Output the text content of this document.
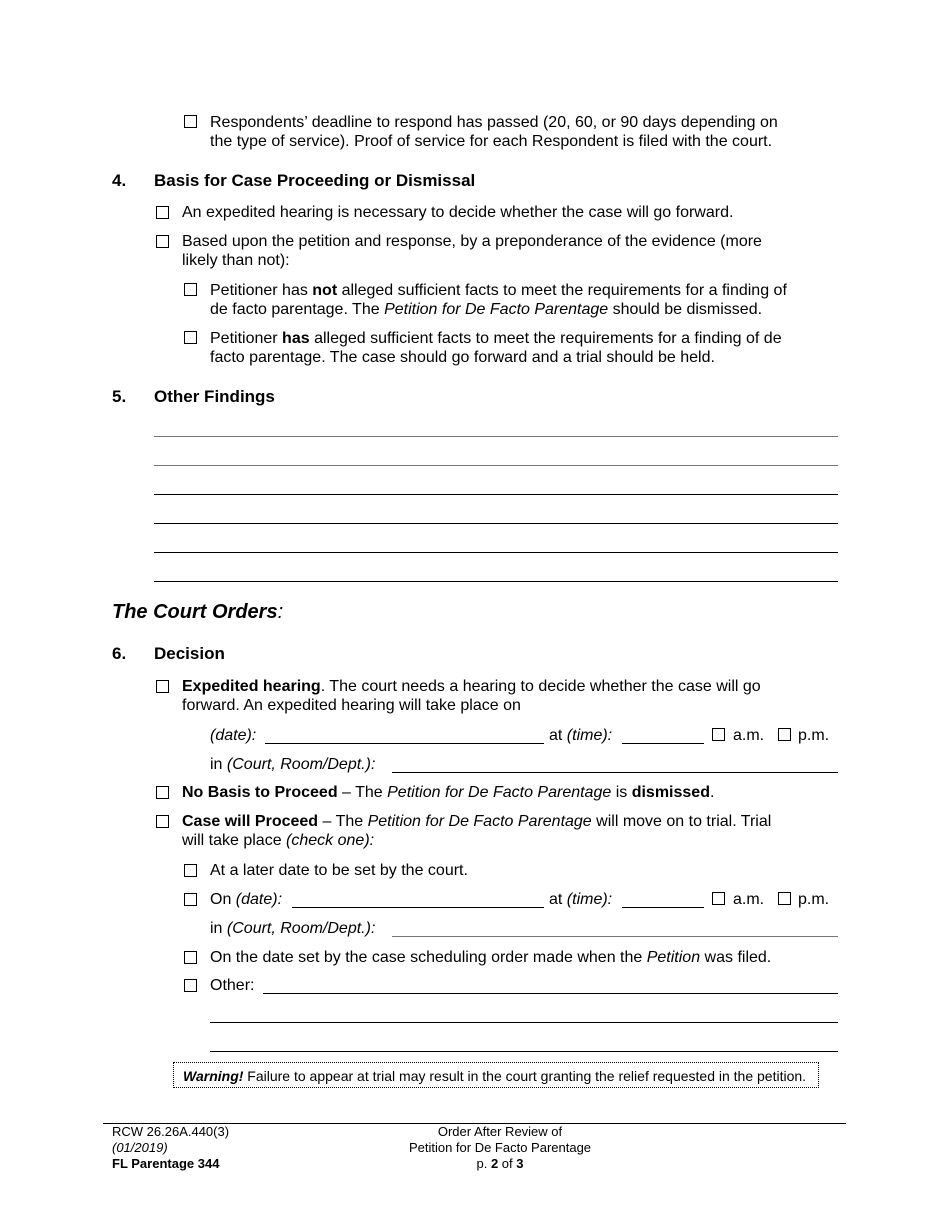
Respondents’ deadline to respond has passed (20, 60, or 90 days depending on
the type of service). Proof of service for each Respondent is filed with the court.
4. Basis for Case Proceeding or Dismissal
An expedited hearing is necessary to decide whether the case will go forward.
Based upon the petition and response, by a preponderance of the evidence (more
likely than not):
Petitioner has not alleged sufficient facts to meet the requirements for a finding of
de facto parentage. The Petition for De Facto Parentage should be dismissed.
Petitioner has alleged sufficient facts to meet the requirements for a finding of de
facto parentage. The case should go forward and a trial should be held.
5. Other Findings
The Court Orders:
6. Decision
Expedited hearing. The court needs a hearing to decide whether the case will go
forward. An expedited hearing will take place on
(date):	at (time):	a.m. p.m.
in (Court, Room/Dept.):
No Basis to Proceed – The Petition for De Facto Parentage is dismissed.
Case will Proceed – The Petition for De Facto Parentage will move on to trial. Trial
will take place (check one):
At a later date to be set by the court.
On (date):	at (time):	a.m. p.m.
in (Court, Room/Dept.):
On the date set by the case scheduling order made when the Petition was filed.
Other:
Warning! Failure to appear at trial may result in the court granting the relief requested in the petition.
RCW 26.26A.440(3)
(01/2019)
FL Parentage 344
Order After Review of
Petition for De Facto Parentage
p. 2 of 3
